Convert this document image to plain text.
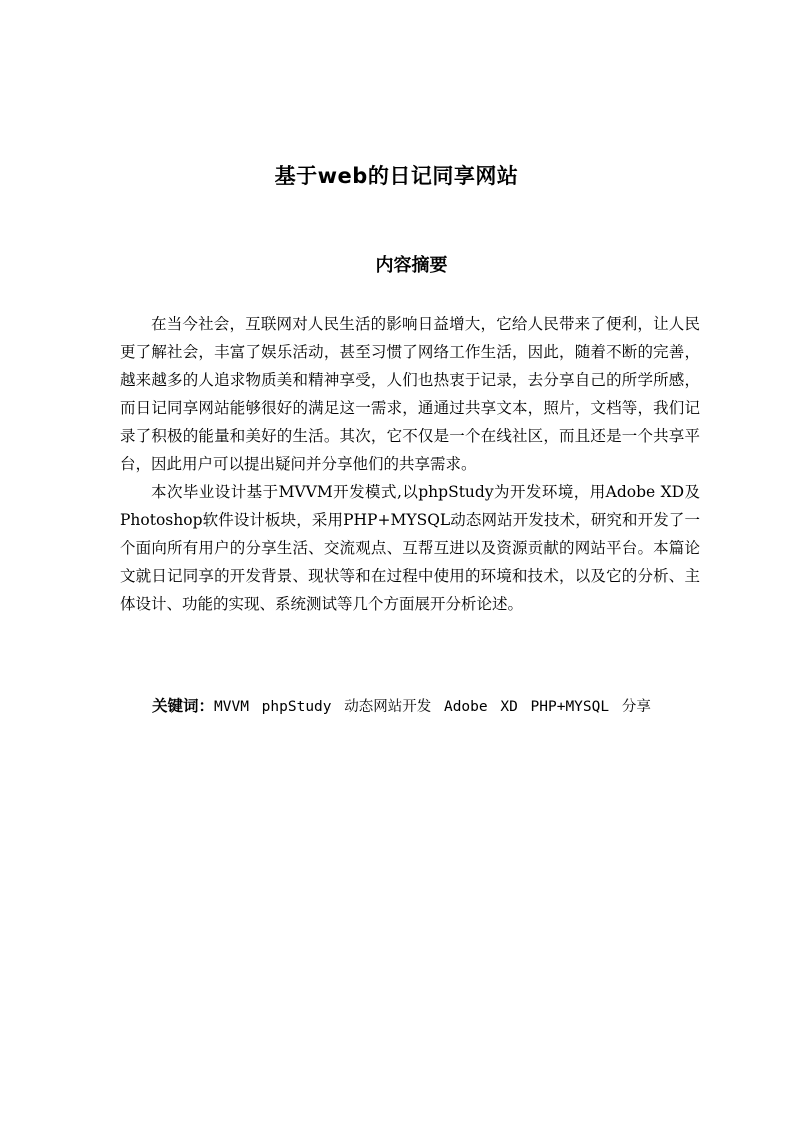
基于web的日记同享网站
内容摘要

在当今社会，互联网对人民生活的影响日益增大，它给人民带来了便利，让人民更了解社会，丰富了娱乐活动，甚至习惯了网络工作生活，因此，随着不断的完善，越来越多的人追求物质美和精神享受，人们也热衷于记录，去分享自己的所学所感，而日记同享网站能够很好的满足这一需求，通通过共享文本，照片，文档等，我们记录了积极的能量和美好的生活。其次，它不仅是一个在线社区，而且还是一个共享平台，因此用户可以提出疑问并分享他们的共享需求。

本次毕业设计基于MVVM开发模式,以phpStudy为开发环境，用Adobe XD及Photoshop软件设计板块，采用PHP+MYSQL动态网站开发技术，研究和开发了一个面向所有用户的分享生活、交流观点、互帮互进以及资源贡献的网站平台。本篇论文就日记同享的开发背景、现状等和在过程中使用的环境和技术，以及它的分析、主体设计、功能的实现、系统测试等几个方面展开分析论述。

关键词：MVVM phpStudy 动态网站开发 Adobe XD PHP+MYSQL 分享
